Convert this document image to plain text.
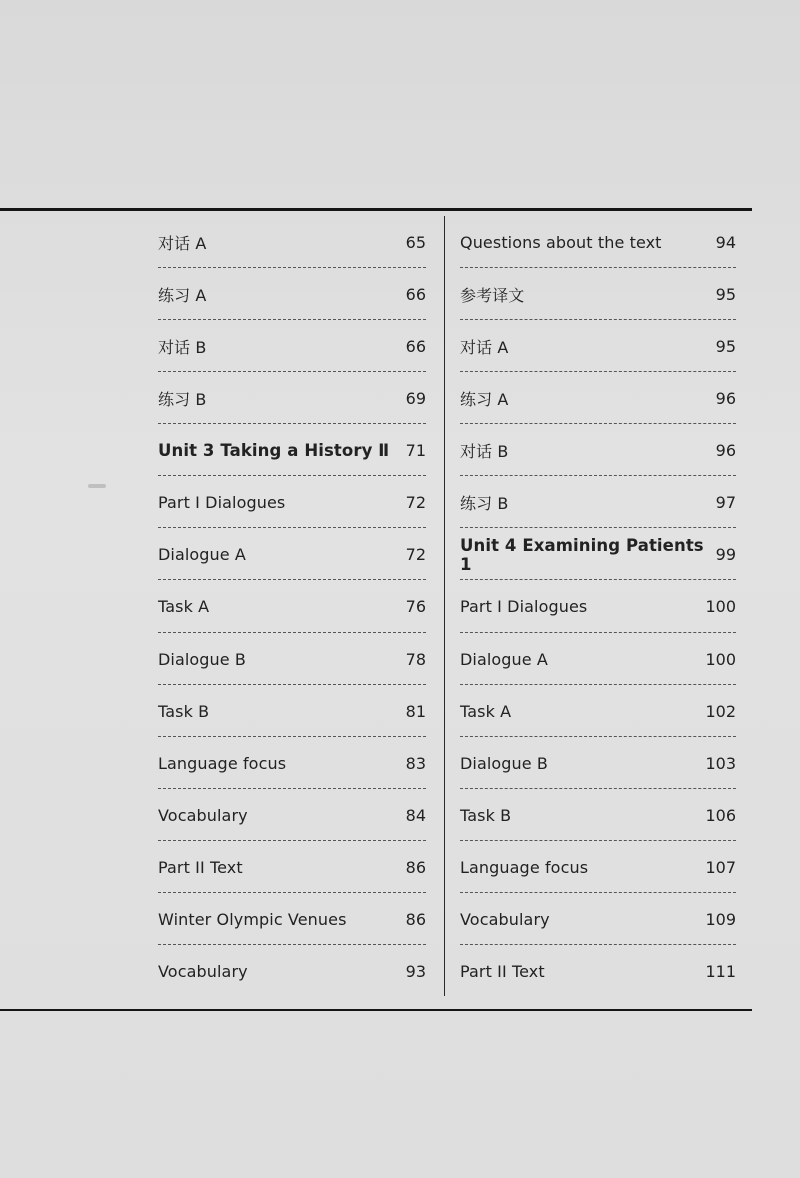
对话 A	65
练习 A	66
对话 B	66
练习 B	69
Unit 3 Taking a History Ⅱ 71
Part I Dialogues	72
Dialogue A	72
Task A	76
Dialogue B	78
Task B	81
Language focus	83
Vocabulary	84
Part II Text	86
Winter Olympic Venues	86
Vocabulary	93
Questions about the text	94
参考译文	95
对话 A	95
练习 A	96
对话 B	96
练习 B	97
Unit 4 Examining Patients 1	99
Part I Dialogues	100
Dialogue A	100
Task A	102
Dialogue B	103
Task B	106
Language focus	107
Vocabulary	109
Part II Text	111
